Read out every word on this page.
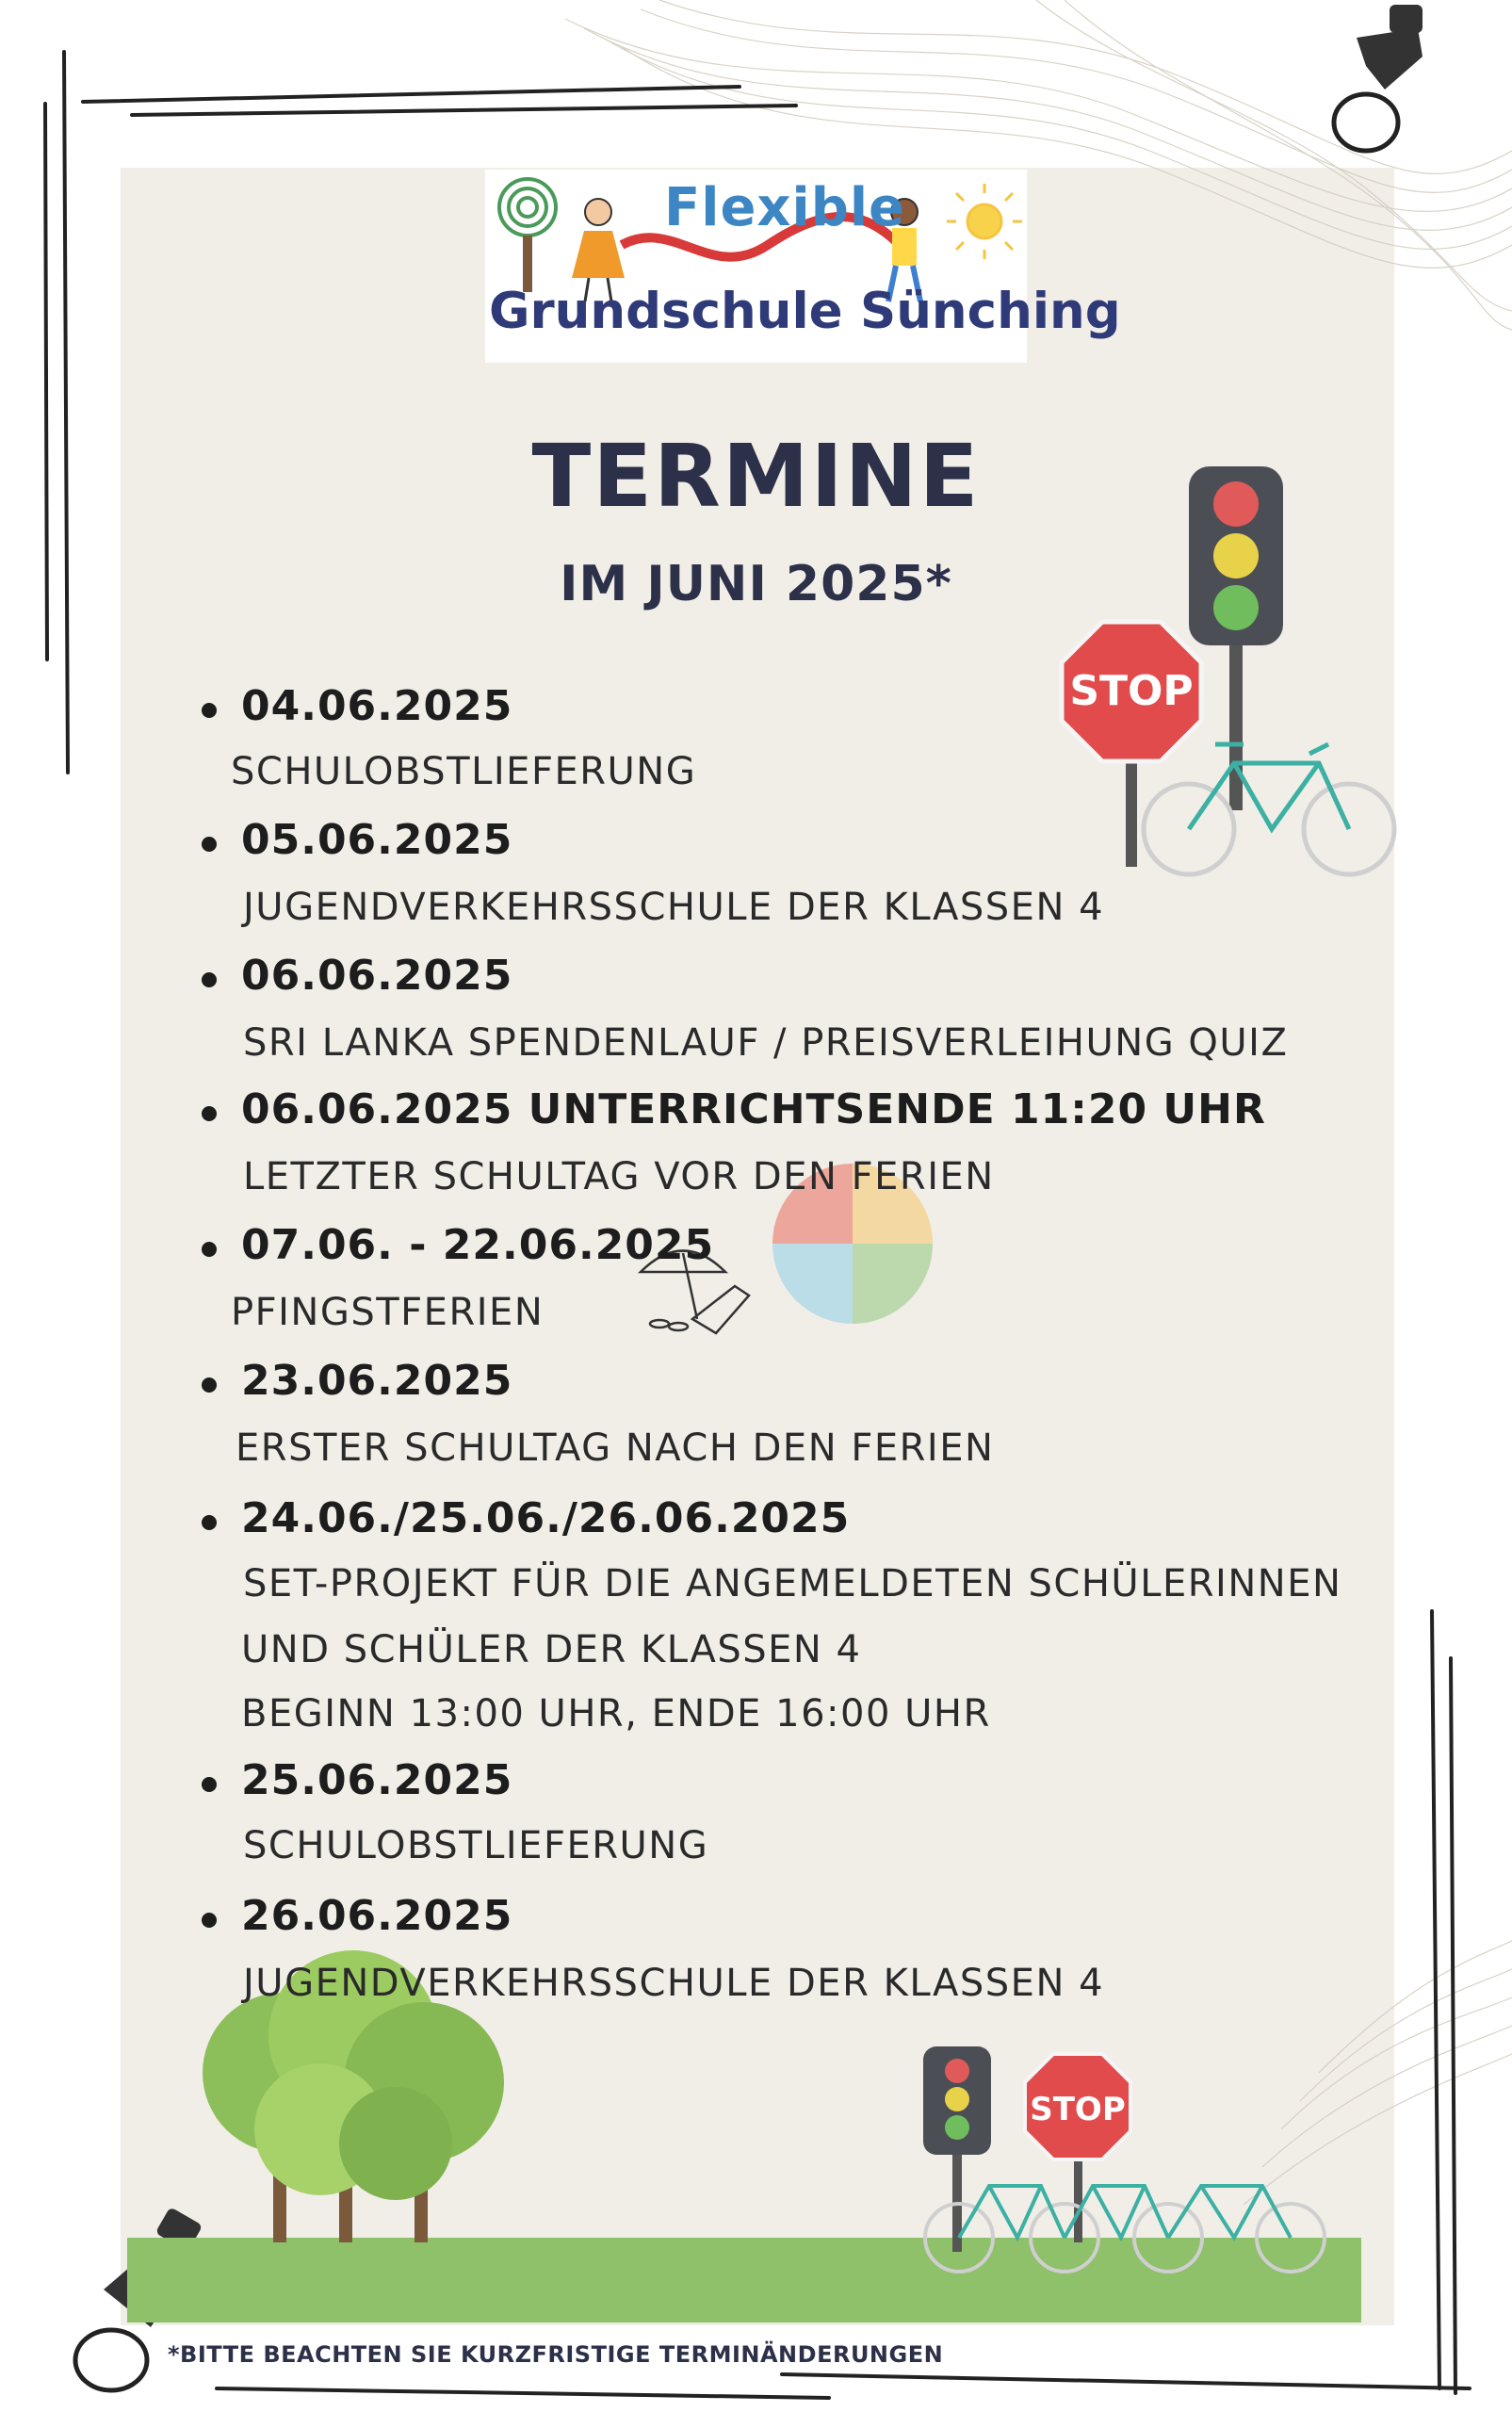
STOP
STOP
Flexible
Grundschule Sünching
TERMINE
IM JUNI 2025*
04.06.2025
SCHULOBSTLIEFERUNG
05.06.2025
JUGENDVERKEHRSSCHULE DER KLASSEN 4
06.06.2025
SRI LANKA SPENDENLAUF / PREISVERLEIHUNG QUIZ
06.06.2025 UNTERRICHTSENDE 11:20 UHR
LETZTER SCHULTAG VOR DEN FERIEN
07.06. - 22.06.2025
PFINGSTFERIEN
23.06.2025
ERSTER SCHULTAG NACH DEN FERIEN
24.06./25.06./26.06.2025
SET-PROJEKT FÜR DIE ANGEMELDETEN SCHÜLERINNEN
UND SCHÜLER DER KLASSEN 4
BEGINN 13:00 UHR, ENDE 16:00 UHR
25.06.2025
SCHULOBSTLIEFERUNG
26.06.2025
JUGENDVERKEHRSSCHULE DER KLASSEN 4
*BITTE BEACHTEN SIE KURZFRISTIGE TERMINÄNDERUNGEN
